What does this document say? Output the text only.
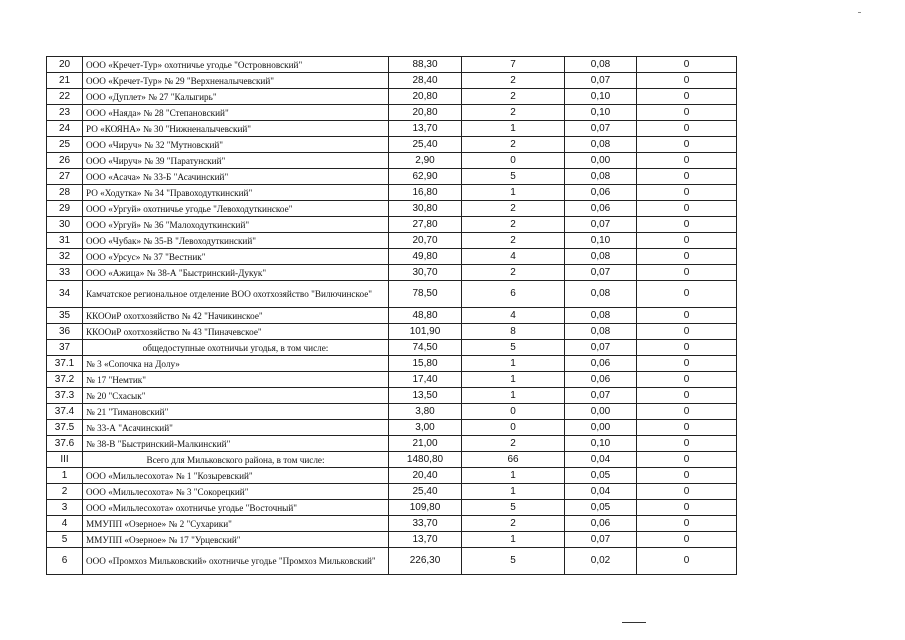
20	ООО «Кречет-Тур» охотничье угодье "Островновский"	88,30	7	0,08	0
21	ООО «Кречет-Тур» № 29 "Верхненалычевский"	28,40	2	0,07	0
22	ООО «Дуплет» № 27 "Калыгирь"	20,80	2	0,10	0
23	ООО «Наяда» № 28 "Степановский"	20,80	2	0,10	0
24	РО «КОЯНА» № 30 "Нижненалычевский"	13,70	1	0,07	0
25	ООО «Чируч» № 32 "Мутновский"	25,40	2	0,08	0
26	ООО «Чируч» № 39 "Паратунский"	2,90	0	0,00	0
27	ООО «Асача» № 33-Б "Асачинский"	62,90	5	0,08	0
28	РО «Ходутка» № 34 "Правоходуткинский"	16,80	1	0,06	0
29	ООО «Ургуй» охотничье угодье "Левоходуткинское"	30,80	2	0,06	0
30	ООО «Ургуй» № 36 "Малоходуткинский"	27,80	2	0,07	0
31	ООО «Чубак» № 35-В "Левоходуткинский"	20,70	2	0,10	0
32	ООО «Урсус» № 37 "Вестник"	49,80	4	0,08	0
33	ООО «Ажица» № 38-А "Быстринский-Дукук"	30,70	2	0,07	0
34	Камчатское региональное отделение ВОО охотхозяйство "Вилючинское"	78,50	6	0,08	0
35	ККООиР охотхозяйство № 42 "Начикинское"	48,80	4	0,08	0
36	ККООиР охотхозяйство № 43 "Пиначевское"	101,90	8	0,08	0
37	общедоступные охотничьи угодья, в том числе:	74,50	5	0,07	0
37.1	№ 3 «Сопочка на Долу»	15,80	1	0,06	0
37.2	№ 17 "Немтик"	17,40	1	0,06	0
37.3	№ 20 "Схасык"	13,50	1	0,07	0
37.4	№ 21 "Тимановский"	3,80	0	0,00	0
37.5	№ 33-А "Асачинский"	3,00	0	0,00	0
37.6	№ 38-В "Быстринский-Малкинский"	21,00	2	0,10	0
III	Всего для Мильковского района, в том числе:	1480,80	66	0,04	0
1	ООО «Мильлесохота» № 1 "Козыревский"	20,40	1	0,05	0
2	ООО «Мильлесохота» № 3 "Сокорецкий"	25,40	1	0,04	0
3	ООО «Мильлесохота» охотничье угодье "Восточный"	109,80	5	0,05	0
4	ММУПП «Озерное» № 2 "Сухарики"	33,70	2	0,06	0
5	ММУПП «Озерное» № 17 "Урцевский"	13,70	1	0,07	0
6	ООО «Промхоз Мильковский» охотничье угодье "Промхоз Мильковский"	226,30	5	0,02	0
